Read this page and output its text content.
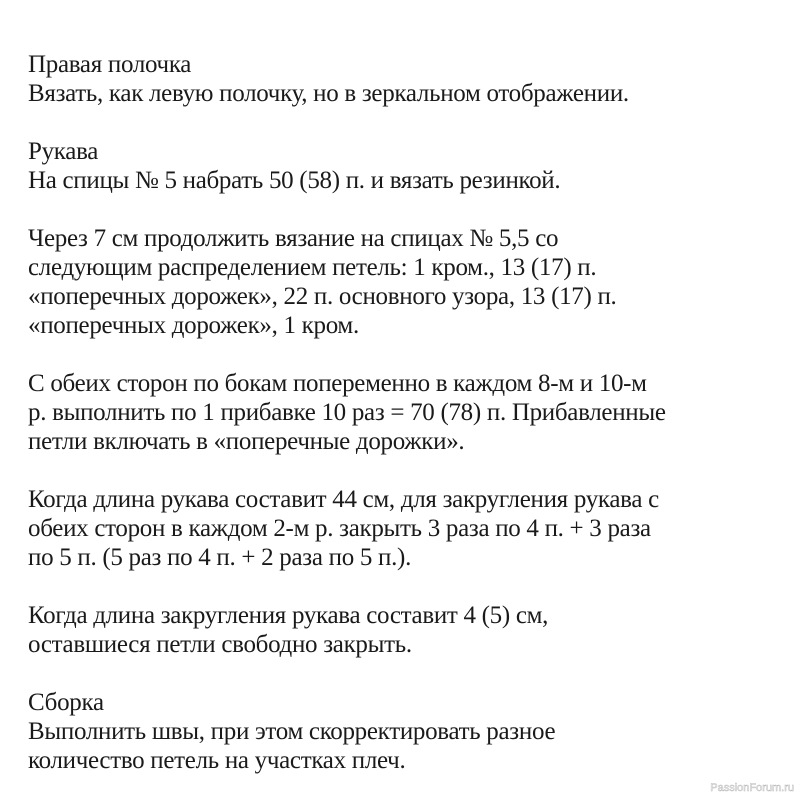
Правая полочка
Вязать, как левую полочку, но в зеркальном отображении.
Рукава
На спицы № 5 набрать 50 (58) п. и вязать резинкой.
Через 7 см продолжить вязание на спицах № 5,5 со
следующим распределением петель: 1 кром., 13 (17) п.
«поперечных дорожек», 22 п. основного узора, 13 (17) п.
«поперечных дорожек», 1 кром.
С обеих сторон по бокам попеременно в каждом 8-м и 10-м
р. выполнить по 1 прибавке 10 раз = 70 (78) п. Прибавленные
петли включать в «поперечные дорожки».
Когда длина рукава составит 44 см, для закругления рукава с
обеих сторон в каждом 2-м р. закрыть 3 раза по 4 п. + 3 раза
по 5 п. (5 раз по 4 п. + 2 раза по 5 п.).
Когда длина закругления рукава составит 4 (5) см,
оставшиеся петли свободно закрыть.
Сборка
Выполнить швы, при этом скорректировать разное
количество петель на участках плеч.
PassionForum.ru
